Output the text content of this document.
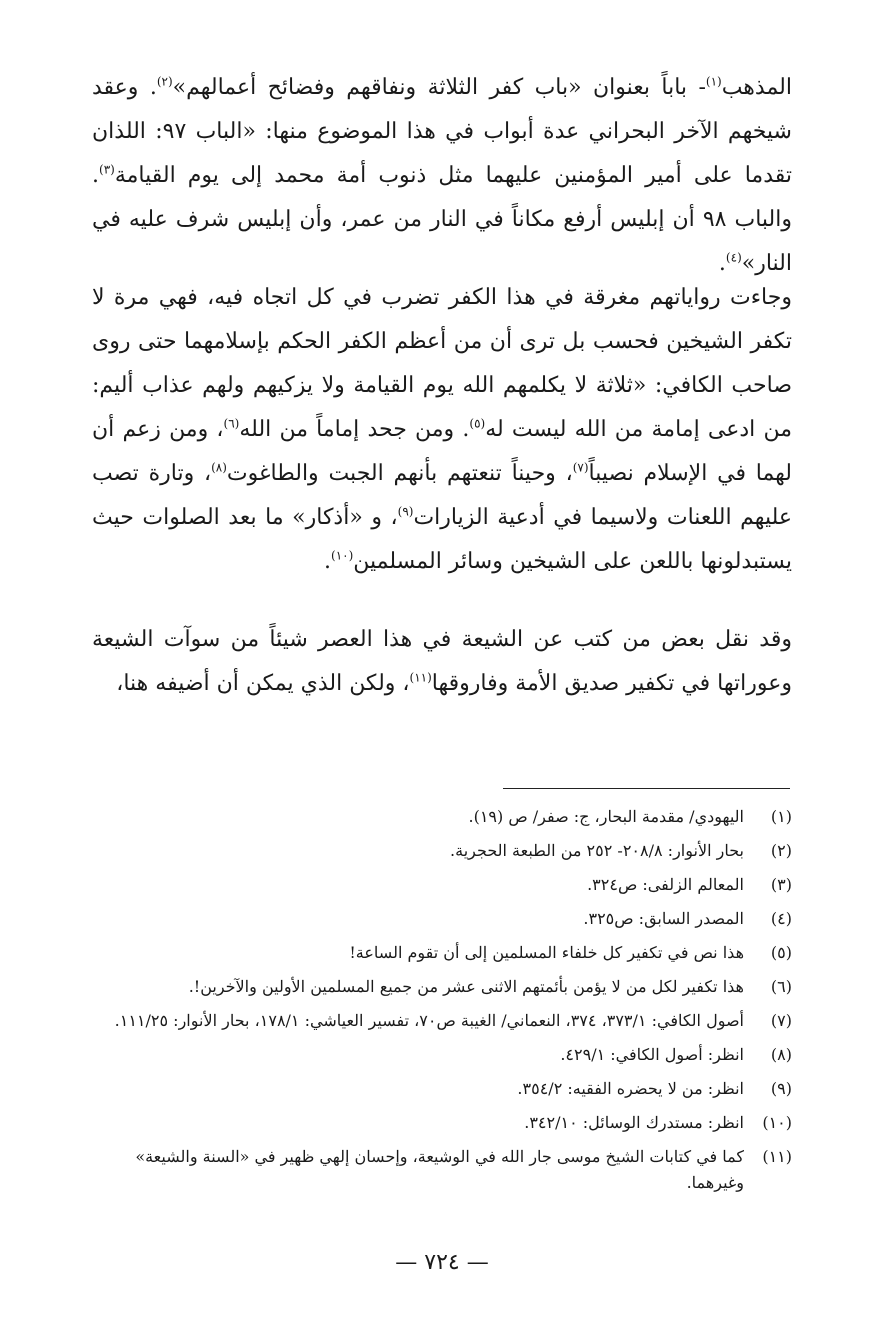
المذهب$^{(١)}$- باباً بعنوان «باب كفر الثلاثة ونفاقهم وفضائح أعمالهم»$^{(٢)}$. وعقد شيخهم الآخر البحراني عدة أبواب في هذا الموضوع منها: «الباب ٩٧: اللذان تقدما على أمير المؤمنين عليهما مثل ذنوب أمة محمد إلى يوم القيامة$^{(٣)}$. والباب ٩٨ أن إبليس أرفع مكاناً في النار من عمر، وأن إبليس شرف عليه في النار»$^{(٤)}$.

وجاءت رواياتهم مغرقة في هذا الكفر تضرب في كل اتجاه فيه، فهي مرة لا تكفر الشيخين فحسب بل ترى أن من أعظم الكفر الحكم بإسلامهما حتى روى صاحب الكافي: «ثلاثة لا يكلمهم الله يوم القيامة ولا يزكيهم ولهم عذاب أليم: من ادعى إمامة من الله ليست له$^{(٥)}$. ومن جحد إماماً من الله$^{(٦)}$، ومن زعم أن لهما في الإسلام نصيباً$^{(٧)}$، وحيناً تنعتهم بأنهم الجبت والطاغوت$^{(٨)}$، وتارة تصب عليهم اللعنات ولاسيما في أدعية الزيارات$^{(٩)}$، و «أذكار» ما بعد الصلوات حيث يستبدلونها باللعن على الشيخين وسائر المسلمين$^{(١٠)}$.

وقد نقل بعض من كتب عن الشيعة في هذا العصر شيئاً من سوآت الشيعة وعوراتها في تكفير صديق الأمة وفاروقها$^{(١١)}$، ولكن الذي يمكن أن أضيفه هنا،

(١)
اليهودي/ مقدمة البحار، ج: صفر/ ص (١٩).
(٢)
بحار الأنوار: ٢٠٨/٨- ٢٥٢ من الطبعة الحجرية.
(٣)
المعالم الزلفى: ص٣٢٤.
(٤)
المصدر السابق: ص٣٢٥.
(٥)
هذا نص في تكفير كل خلفاء المسلمين إلى أن تقوم الساعة!
(٦)
هذا تكفير لكل من لا يؤمن بأئمتهم الاثنى عشر من جميع المسلمين الأولين والآخرين!.
(٧)
أصول الكافي: ٣٧٣/١، ٣٧٤، النعماني/ الغيبة ص٧٠، تفسير العياشي: ١٧٨/١، بحار الأنوار: ١١١/٢٥.
(٨)
انظر: أصول الكافي: ٤٢٩/١.
(٩)
انظر: من لا يحضره الفقيه: ٣٥٤/٢.
(١٠)
انظر: مستدرك الوسائل: ٣٤٢/١٠.
(١١)
كما في كتابات الشيخ موسى جار الله في الوشيعة، وإحسان إلهي ظهير في «السنة والشيعة» وغيرهما.
— ٧٢٤ —
